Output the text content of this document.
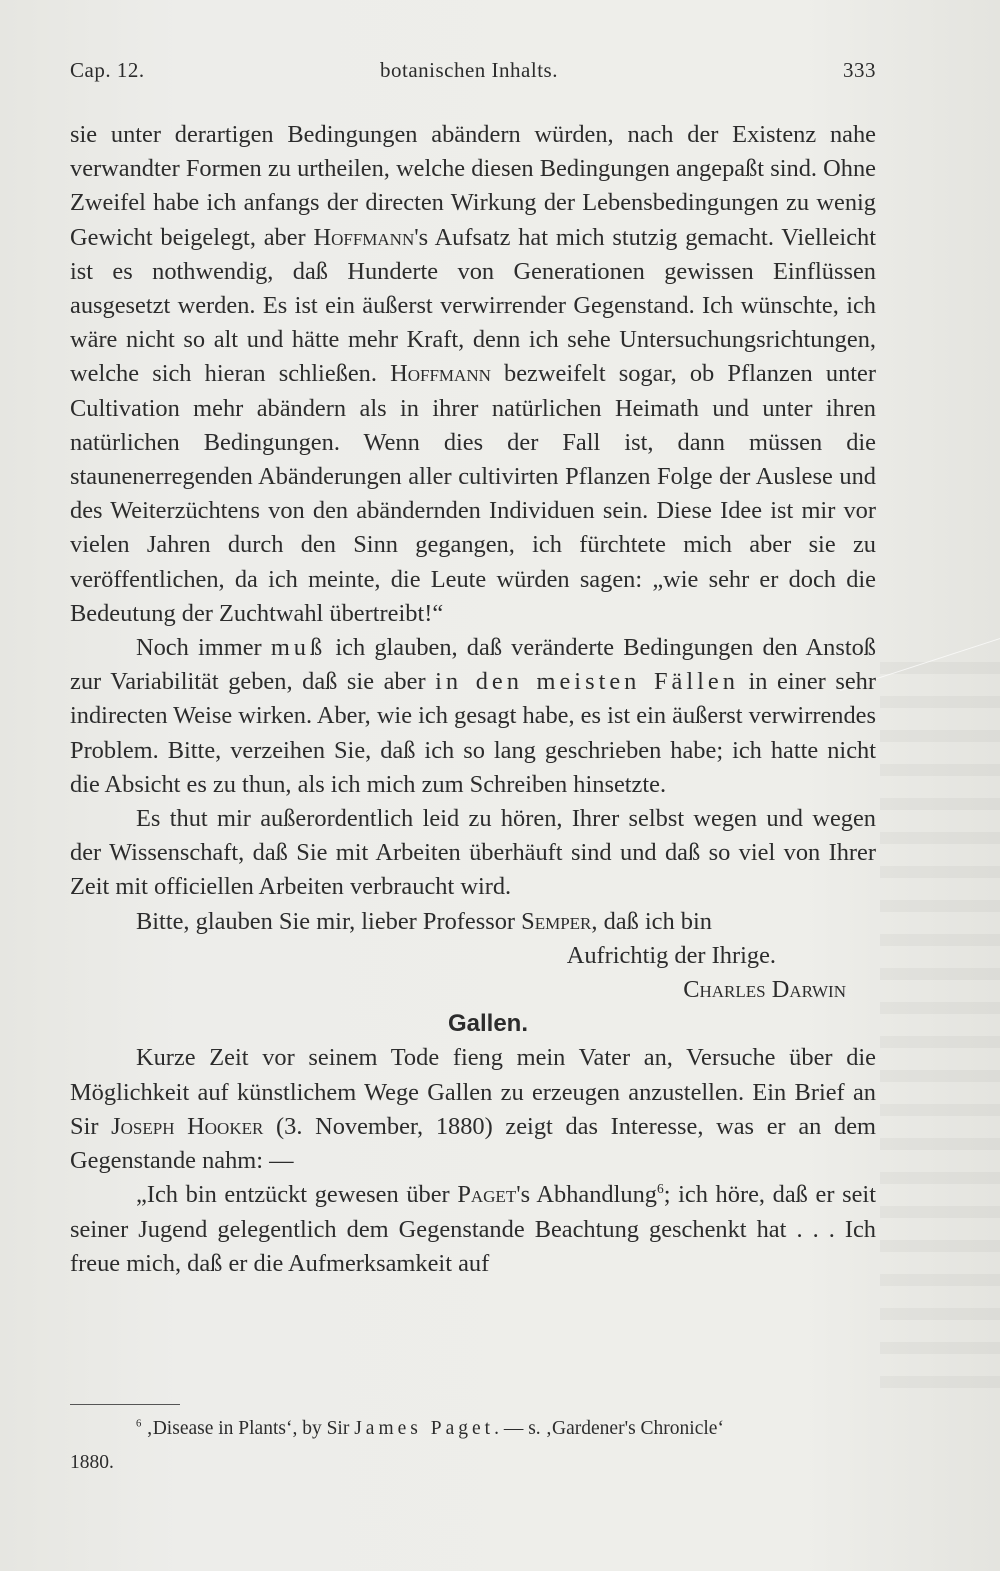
Cap. 12.	botanischen Inhalts.	333

sie unter derartigen Bedingungen abändern würden, nach der Existenz nahe verwandter Formen zu urtheilen, welche diesen Bedingungen angepaßt sind. Ohne Zweifel habe ich anfangs der directen Wirkung der Lebensbedingungen zu wenig Gewicht beigelegt, aber Hoffmann's Aufsatz hat mich stutzig gemacht. Vielleicht ist es nothwendig, daß Hunderte von Generationen gewissen Einflüssen ausgesetzt werden. Es ist ein äußerst verwirrender Gegenstand. Ich wünschte, ich wäre nicht so alt und hätte mehr Kraft, denn ich sehe Untersuchungsrichtungen, welche sich hieran schließen. Hoffmann bezweifelt sogar, ob Pflanzen unter Cultivation mehr abändern als in ihrer natürlichen Heimath und unter ihren natürlichen Bedingungen. Wenn dies der Fall ist, dann müssen die staunenerregenden Abänderungen aller cultivirten Pflanzen Folge der Auslese und des Weiterzüchtens von den abändernden Individuen sein. Diese Idee ist mir vor vielen Jahren durch den Sinn gegangen, ich fürchtete mich aber sie zu veröffentlichen, da ich meinte, die Leute würden sagen: „wie sehr er doch die Bedeutung der Zuchtwahl übertreibt!“

Noch immer muß ich glauben, daß veränderte Bedingungen den Anstoß zur Variabilität geben, daß sie aber in den meisten Fällen in einer sehr indirecten Weise wirken. Aber, wie ich gesagt habe, es ist ein äußerst verwirrendes Problem. Bitte, verzeihen Sie, daß ich so lang geschrieben habe; ich hatte nicht die Absicht es zu thun, als ich mich zum Schreiben hinsetzte.

Es thut mir außerordentlich leid zu hören, Ihrer selbst wegen und wegen der Wissenschaft, daß Sie mit Arbeiten überhäuft sind und daß so viel von Ihrer Zeit mit officiellen Arbeiten verbraucht wird.

Bitte, glauben Sie mir, lieber Professor Semper, daß ich bin

Aufrichtig der Ihrige.

Charles Darwin

Gallen.

Kurze Zeit vor seinem Tode fieng mein Vater an, Versuche über die Möglichkeit auf künstlichem Wege Gallen zu erzeugen anzustellen. Ein Brief an Sir Joseph Hooker (3. November, 1880) zeigt das Interesse, was er an dem Gegenstande nahm: —

„Ich bin entzückt gewesen über Paget's Abhandlung$^6$; ich höre, daß er seit seiner Jugend gelegentlich dem Gegenstande Beachtung geschenkt hat . . . Ich freue mich, daß er die Aufmerksamkeit auf

$^6$ ‚Disease in Plants‘, by Sir James Paget. — s. ‚Gardener's Chronicle‘

1880.
